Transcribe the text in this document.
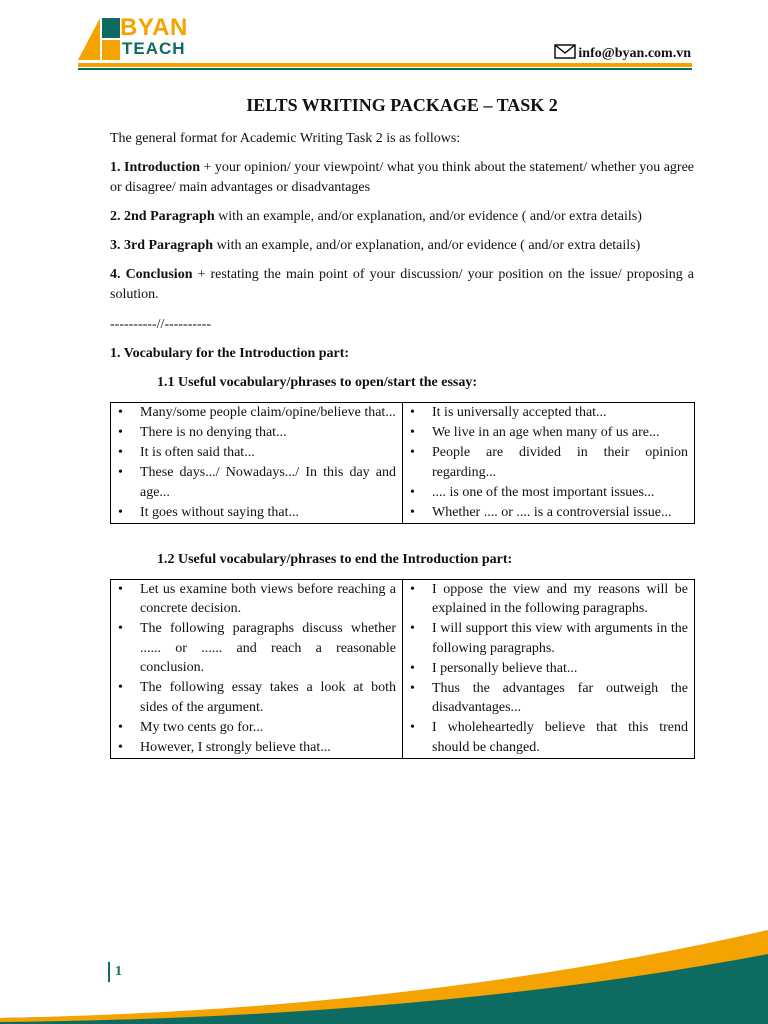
BYAN
TEACH	info@byan.com.vn
IELTS WRITING PACKAGE – TASK 2

The general format for Academic Writing Task 2 is as follows:

1. Introduction + your opinion/ your viewpoint/ what you think about the statement/ whether you agree or disagree/ main advantages or disadvantages

2. 2nd Paragraph with an example, and/or explanation, and/or evidence ( and/or extra details)

3. 3rd Paragraph with an example, and/or explanation, and/or evidence ( and/or extra details)

4. Conclusion + restating the main point of your discussion/ your position on the issue/ proposing a solution.

----------//----------

1. Vocabulary for the Introduction part:

1.1 Useful vocabulary/phrases to open/start the essay:

• Many/some people claim/opine/believe that...
• There is no denying that...
• It is often said that...
• These days.../ Nowadays.../ In this day and age...
• It goes without saying that...

• It is universally accepted that...
• We live in an age when many of us are...
• People are divided in their opinion regarding...
• .... is one of the most important issues...
• Whether .... or .... is a controversial issue...

1.2 Useful vocabulary/phrases to end the Introduction part:

• Let us examine both views before reaching a concrete decision.
• The following paragraphs discuss whether ...... or ...... and reach a reasonable conclusion.
• The following essay takes a look at both sides of the argument.
• My two cents go for...
• However, I strongly believe that...

• I oppose the view and my reasons will be explained in the following paragraphs.
• I will support this view with arguments in the following paragraphs.
• I personally believe that...
• Thus the advantages far outweigh the disadvantages...
• I wholeheartedly believe that this trend should be changed.
1
